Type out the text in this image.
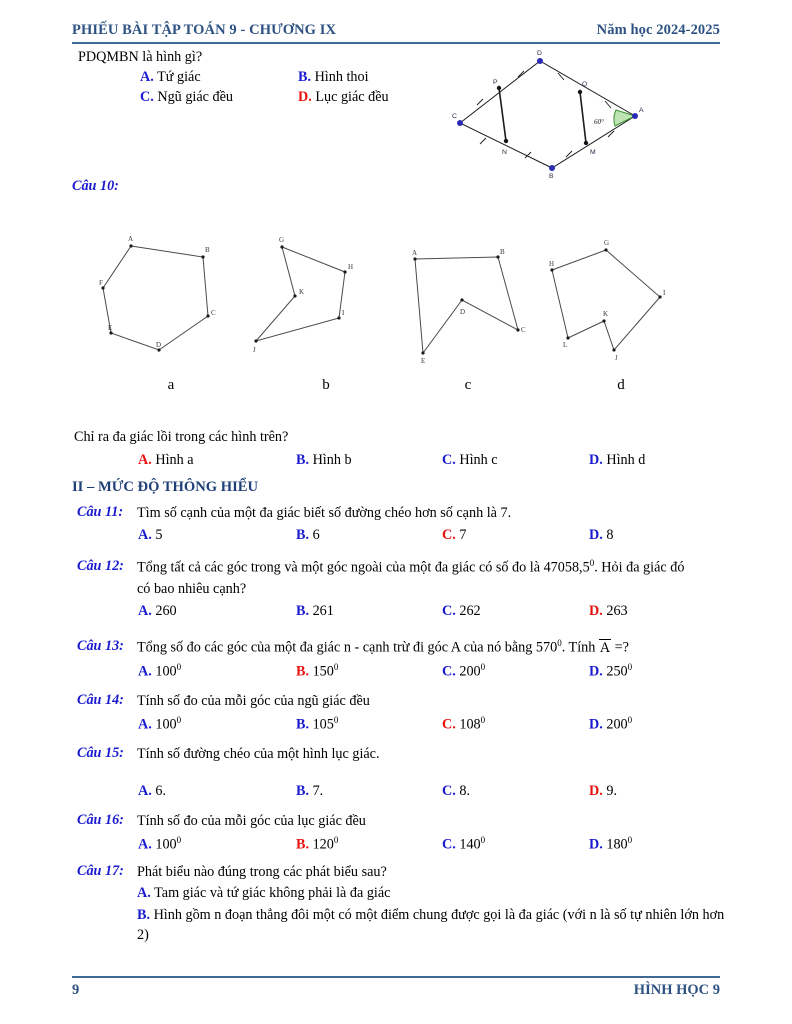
PHIẾU BÀI TẬP TOÁN 9 - CHƯƠNG IX	Năm học 2024-2025
PDQMBN là hình gì?
A. Tứ giác	B. Hình thoi
C. Ngũ giác đều	D. Lục giác đều
C
D
A
B
P	Q
N	M
60°
Câu 10:
A
B
C
D
E
F
a
G
H
I
J
K
b
A	B
C
D
E
c
H
G
I
J
K
L
d
Chỉ ra đa giác lồi trong các hình trên?
A. Hình a	B. Hình b	C. Hình c	D. Hình d
II – MỨC ĐỘ THÔNG HIỂU
Câu 11: Tìm số cạnh của một đa giác biết số đường chéo hơn số cạnh là 7.
A. 5	B. 6	C. 7	D. 8
Câu 12: Tổng tất cả các góc trong và một góc ngoài của một đa giác có số đo là 47058,5$^0$. Hỏi đa giác đó
có bao nhiêu cạnh?
A. 260	B. 261	C. 262	D. 263
Câu 13: Tổng số đo các góc của một đa giác n - cạnh trừ đi góc A của nó bằng $570^0$. Tính A =?
A. $100^0$	B. $150^0$	C. $200^0$	D. $250^0$
Câu 14: Tính số đo của mỗi góc của ngũ giác đều
A. $100^0$	B. $105^0$	C. $108^0$	D. $200^0$
Câu 15: Tính số đường chéo của một hình lục giác.
A. 6.	B. 7.	C. 8.	D. 9.
Câu 16: Tính số đo của mỗi góc của lục giác đều
A. $100^0$	B. $120^0$	C. $140^0$	D. $180^0$
Câu 17: Phát biểu nào đúng trong các phát biểu sau?
A. Tam giác và tứ giác không phải là đa giác
B. Hình gồm n đoạn thẳng đôi một có một điểm chung được gọi là đa giác (với n là số tự nhiên lớn hơn 2)
9	HÌNH HỌC 9
